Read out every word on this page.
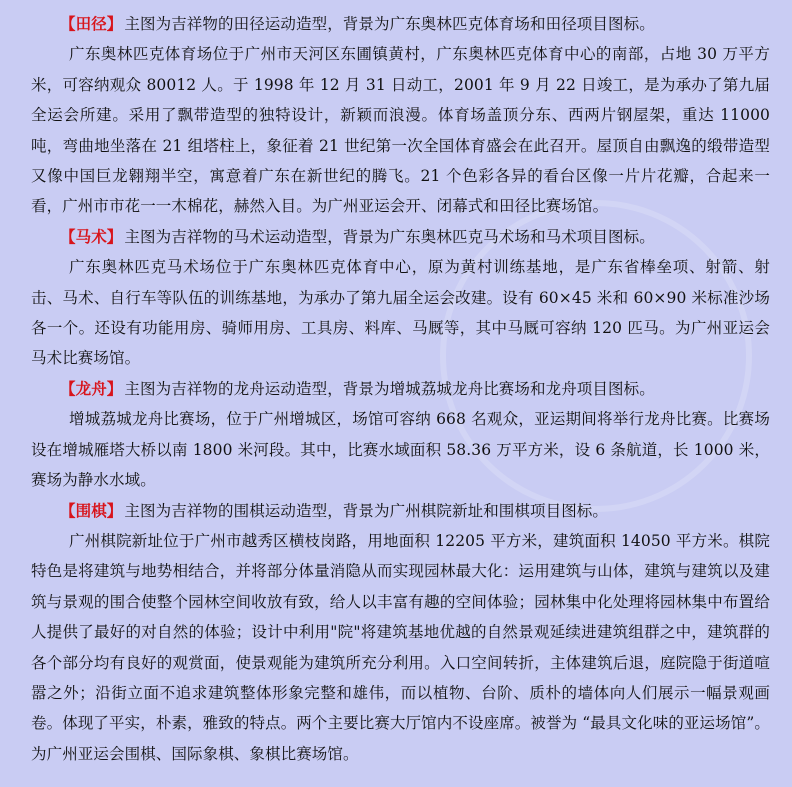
【田径】 主图为吉祥物的田径运动造型，背景为广东奥林匹克体育场和田径项目图标。

广东奥林匹克体育场位于广州市天河区东圃镇黄村，广东奥林匹克体育中心的南部，占地 30 万平方米，可容纳观众 80012 人。于 1998 年 12 月 31 日动工，2001 年 9 月 22 日竣工，是为承办了第九届全运会所建。采用了飘带造型的独特设计，新颖而浪漫。体育场盖顶分东、西两片钢屋架，重达 11000 吨，弯曲地坐落在 21 组塔柱上，象征着 21 世纪第一次全国体育盛会在此召开。屋顶自由飘逸的缎带造型又像中国巨龙翱翔半空，寓意着广东在新世纪的腾飞。21 个色彩各异的看台区像一片片花瓣，合起来一看，广州市市花一一木棉花，赫然入目。为广州亚运会开、闭幕式和田径比赛场馆。

【马术】 主图为吉祥物的马术运动造型，背景为广东奥林匹克马术场和马术项目图标。

广东奥林匹克马术场位于广东奥林匹克体育中心，原为黄村训练基地，是广东省棒垒项、射箭、射击、马术、自行车等队伍的训练基地，为承办了第九届全运会改建。设有 60×45 米和 60×90 米标准沙场各一个。还设有功能用房、骑师用房、工具房、料库、马厩等，其中马厩可容纳 120 匹马。为广州亚运会马术比赛场馆。

【龙舟】 主图为吉祥物的龙舟运动造型，背景为增城荔城龙舟比赛场和龙舟项目图标。

增城荔城龙舟比赛场，位于广州增城区，场馆可容纳 668 名观众，亚运期间将举行龙舟比赛。比赛场设在增城雁塔大桥以南 1800 米河段。其中，比赛水域面积 58.36 万平方米，设 6 条航道，长 1000 米，赛场为静水水域。

【围棋】 主图为吉祥物的围棋运动造型，背景为广州棋院新址和围棋项目图标。

广州棋院新址位于广州市越秀区横枝岗路，用地面积 12205 平方米，建筑面积 14050 平方米。棋院特色是将建筑与地势相结合，并将部分体量消隐从而实现园林最大化：运用建筑与山体，建筑与建筑以及建筑与景观的围合使整个园林空间收放有致，给人以丰富有趣的空间体验；园林集中化处理将园林集中布置给人提供了最好的对自然的体验；设计中利用"院"将建筑基地优越的自然景观延续进建筑组群之中，建筑群的各个部分均有良好的观赏面，使景观能为建筑所充分利用。入口空间转折，主体建筑后退，庭院隐于街道喧嚣之外；沿街立面不追求建筑整体形象完整和雄伟，而以植物、台阶、质朴的墙体向人们展示一幅景观画卷。体现了平实，朴素，雅致的特点。两个主要比赛大厅馆内不设座席。被誉为 “最具文化味的亚运场馆”。为广州亚运会围棋、国际象棋、象棋比赛场馆。
